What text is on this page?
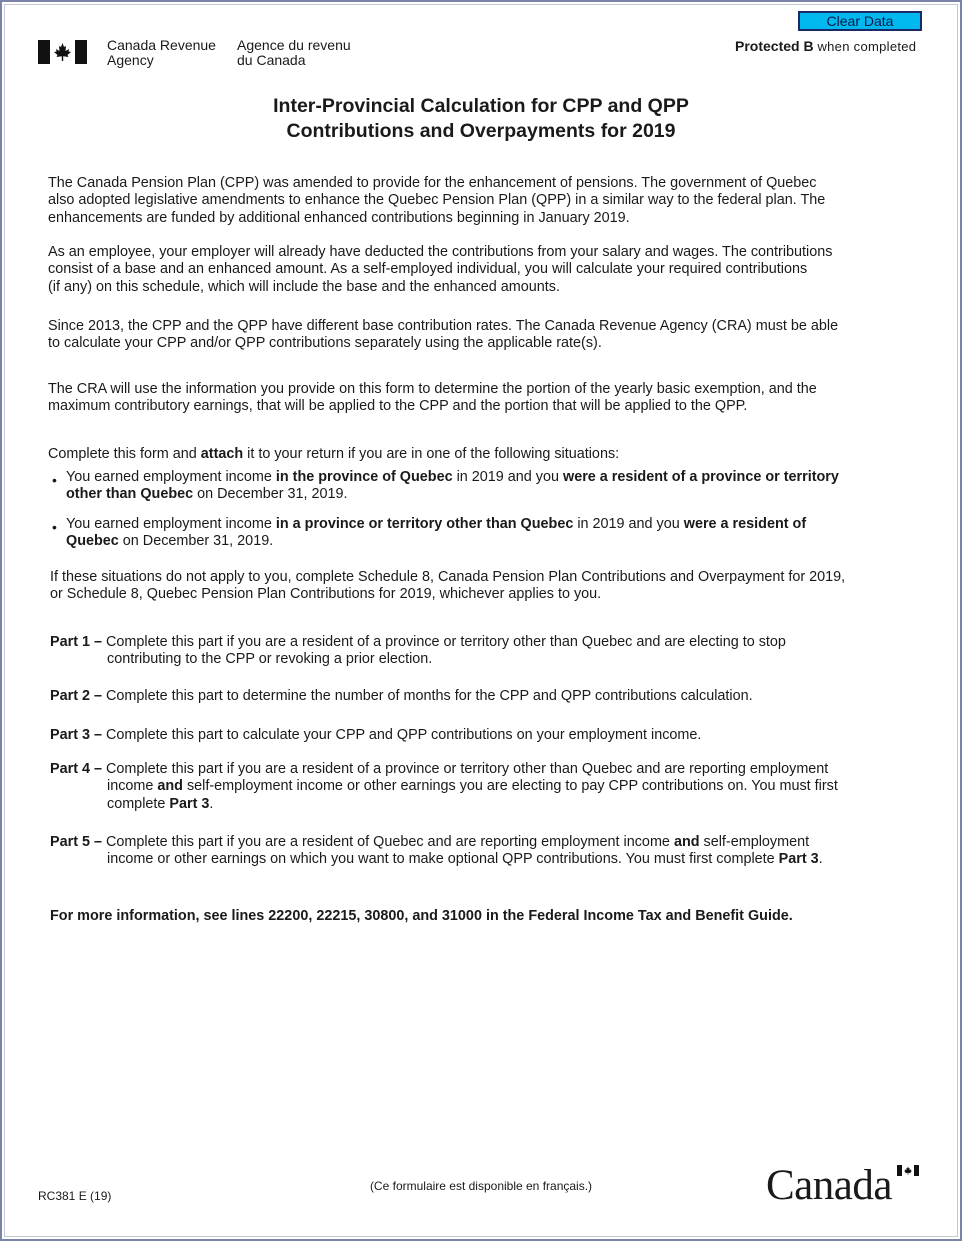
Canada Revenue
Agency
Agence du revenu
du Canada
Clear Data
Protected B when completed
Inter-Provincial Calculation for CPP and QPP
Contributions and Overpayments for 2019
The Canada Pension Plan (CPP) was amended to provide for the enhancement of pensions. The government of Quebec
also adopted legislative amendments to enhance the Quebec Pension Plan (QPP) in a similar way to the federal plan. The
enhancements are funded by additional enhanced contributions beginning in January 2019.
As an employee, your employer will already have deducted the contributions from your salary and wages. The contributions
consist of a base and an enhanced amount. As a self-employed individual, you will calculate your required contributions
(if any) on this schedule, which will include the base and the enhanced amounts.
Since 2013, the CPP and the QPP have different base contribution rates. The Canada Revenue Agency (CRA) must be able
to calculate your CPP and/or QPP contributions separately using the applicable rate(s).
The CRA will use the information you provide on this form to determine the portion of the yearly basic exemption, and the
maximum contributory earnings, that will be applied to the CPP and the portion that will be applied to the QPP.
Complete this form and attach it to your return if you are in one of the following situations:
• You earned employment income in the province of Quebec in 2019 and you were a resident of a province or territory
other than Quebec on December 31, 2019.
• You earned employment income in a province or territory other than Quebec in 2019 and you were a resident of
Quebec on December 31, 2019.
If these situations do not apply to you, complete Schedule 8, Canada Pension Plan Contributions and Overpayment for 2019,
or Schedule 8, Quebec Pension Plan Contributions for 2019, whichever applies to you.
Part 1 – Complete this part if you are a resident of a province or territory other than Quebec and are electing to stop
contributing to the CPP or revoking a prior election.
Part 2 – Complete this part to determine the number of months for the CPP and QPP contributions calculation.
Part 3 – Complete this part to calculate your CPP and QPP contributions on your employment income.
Part 4 – Complete this part if you are a resident of a province or territory other than Quebec and are reporting employment
income and self-employment income or other earnings you are electing to pay CPP contributions on. You must first
complete Part 3.
Part 5 – Complete this part if you are a resident of Quebec and are reporting employment income and self-employment
income or other earnings on which you want to make optional QPP contributions. You must first complete Part 3.
For more information, see lines 22200, 22215, 30800, and 31000 in the Federal Income Tax and Benefit Guide.
(Ce formulaire est disponible en français.)
RC381 E (19)	Canada
